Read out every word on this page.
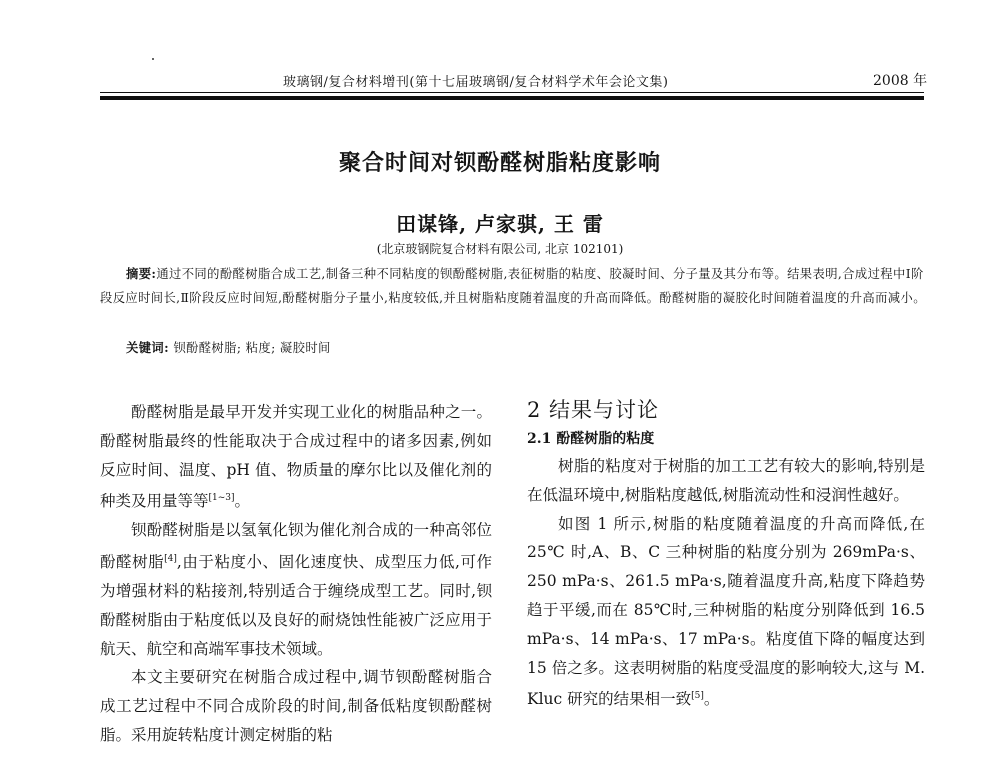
玻璃钢/复合材料增刊(第十七届玻璃钢/复合材料学术年会论文集)	2008 年
聚合时间对钡酚醛树脂粘度影响
田谋锋, 卢家骐, 王 雷
(北京玻钢院复合材料有限公司, 北京 102101)
摘要:通过不同的酚醛树脂合成工艺,制备三种不同粘度的钡酚醛树脂,表征树脂的粘度、胶凝时间、分子量及其分布等。结果表明,合成过程中Ⅰ阶段反应时间长,Ⅱ阶段反应时间短,酚醛树脂分子量小,粘度较低,并且树脂粘度随着温度的升高而降低。酚醛树脂的凝胶化时间随着温度的升高而减小。
关键词: 钡酚醛树脂; 粘度; 凝胶时间

酚醛树脂是最早开发并实现工业化的树脂品种之一。酚醛树脂最终的性能取决于合成过程中的诸多因素,例如反应时间、温度、pH 值、物质量的摩尔比以及催化剂的种类及用量等等[1~3]。

钡酚醛树脂是以氢氧化钡为催化剂合成的一种高邻位酚醛树脂[4],由于粘度小、固化速度快、成型压力低,可作为增强材料的粘接剂,特别适合于缠绕成型工艺。同时,钡酚醛树脂由于粘度低以及良好的耐烧蚀性能被广泛应用于航天、航空和高端军事技术领域。

本文主要研究在树脂合成过程中,调节钡酚醛树脂合成工艺过程中不同合成阶段的时间,制备低粘度钡酚醛树脂。采用旋转粘度计测定树脂的粘

2 结果与讨论
2.1 酚醛树脂的粘度

树脂的粘度对于树脂的加工工艺有较大的影响,特别是在低温环境中,树脂粘度越低,树脂流动性和浸润性越好。

如图 1 所示,树脂的粘度随着温度的升高而降低,在 25℃ 时,A、B、C 三种树脂的粘度分别为 269mPa·s、250 mPa·s、261.5 mPa·s,随着温度升高,粘度下降趋势趋于平缓,而在 85℃时,三种树脂的粘度分别降低到 16.5 mPa·s、14 mPa·s、17 mPa·s。粘度值下降的幅度达到 15 倍之多。这表明树脂的粘度受温度的影响较大,这与 M. Kluc 研究的结果相一致[5]。
